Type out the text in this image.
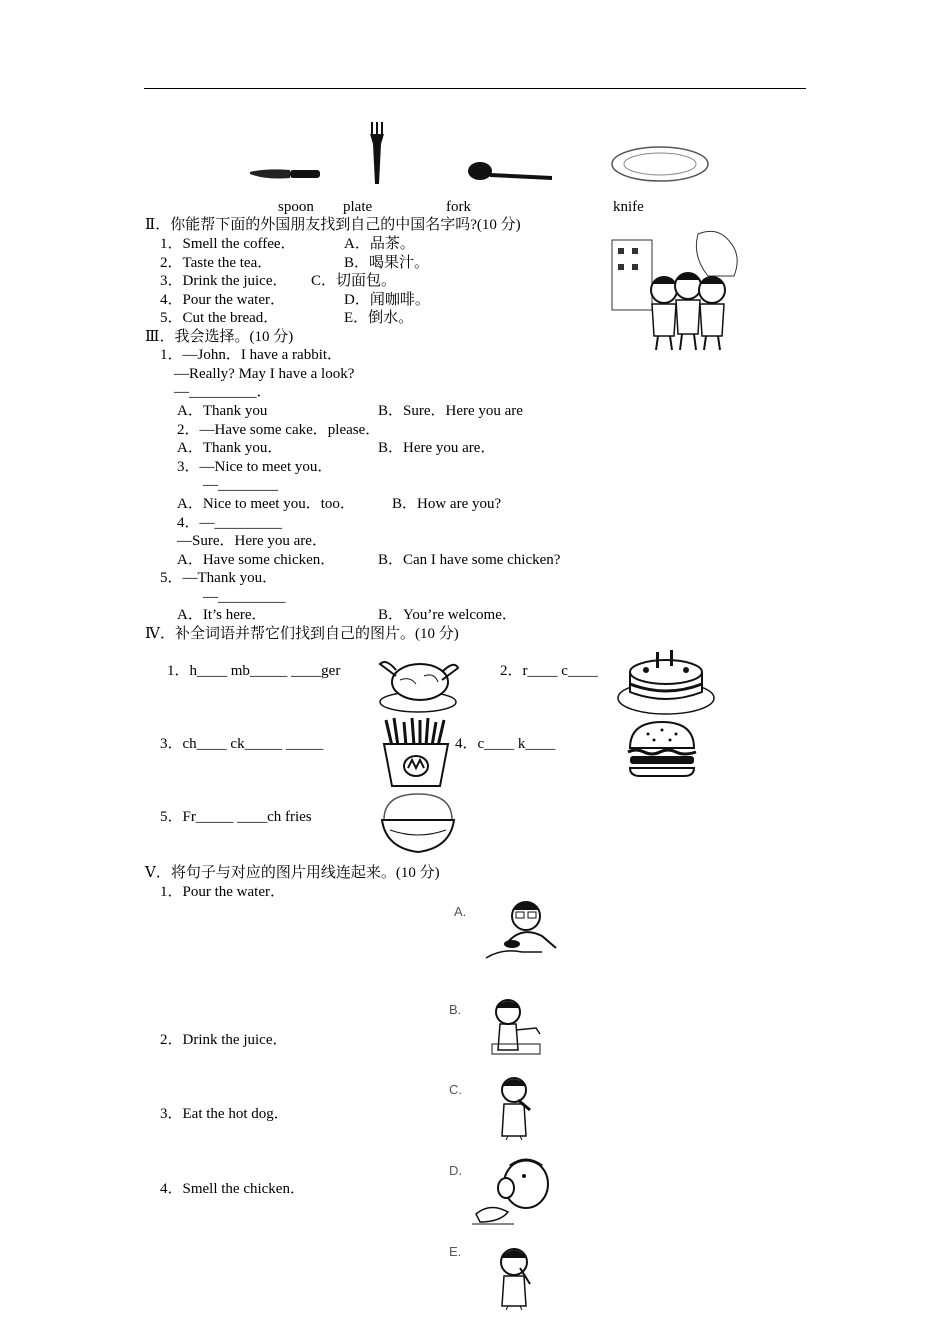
spoon plate	fork	knife
Ⅱ．你能帮下面的外国朋友找到自己的中国名字吗?(10 分)
1．Smell the coffee．	A．品茶。
2．Taste the tea．	B．喝果汁。
3．Drink the juice． C．切面包。
4．Pour the water．	D．闻咖啡。
5．Cut the bread．	E．倒水。
Ⅲ．我会选择。(10 分)
1．—John．I have a rabbit．
—Really? May I have a look?
—_________．
A．Thank you	B．Sure．Here you are
2．—Have some cake．please．
A．Thank you．	B．Here you are．
3．—Nice to meet you．
—________
A．Nice to meet you．too． B．How are you?
4．—_________
—Sure．Here you are．
A．Have some chicken．	B．Can I have some chicken?
5．—Thank you．
—_________
A．It’s here．	B．You’re welcome．
Ⅳ．补全词语并帮它们找到自己的图片。(10 分)
1．h____ mb_____ ____ger	2．r____ c____
3．ch____ ck_____ _____	4．c____ k____
5．Fr_____ ____ch fries
Ⅴ．将句子与对应的图片用线连起来。(10 分)
1．Pour the water．
2．Drink the juice．
3．Eat the hot dog．
4．Smell the chicken．
A.
B.
C.
D.
E.
